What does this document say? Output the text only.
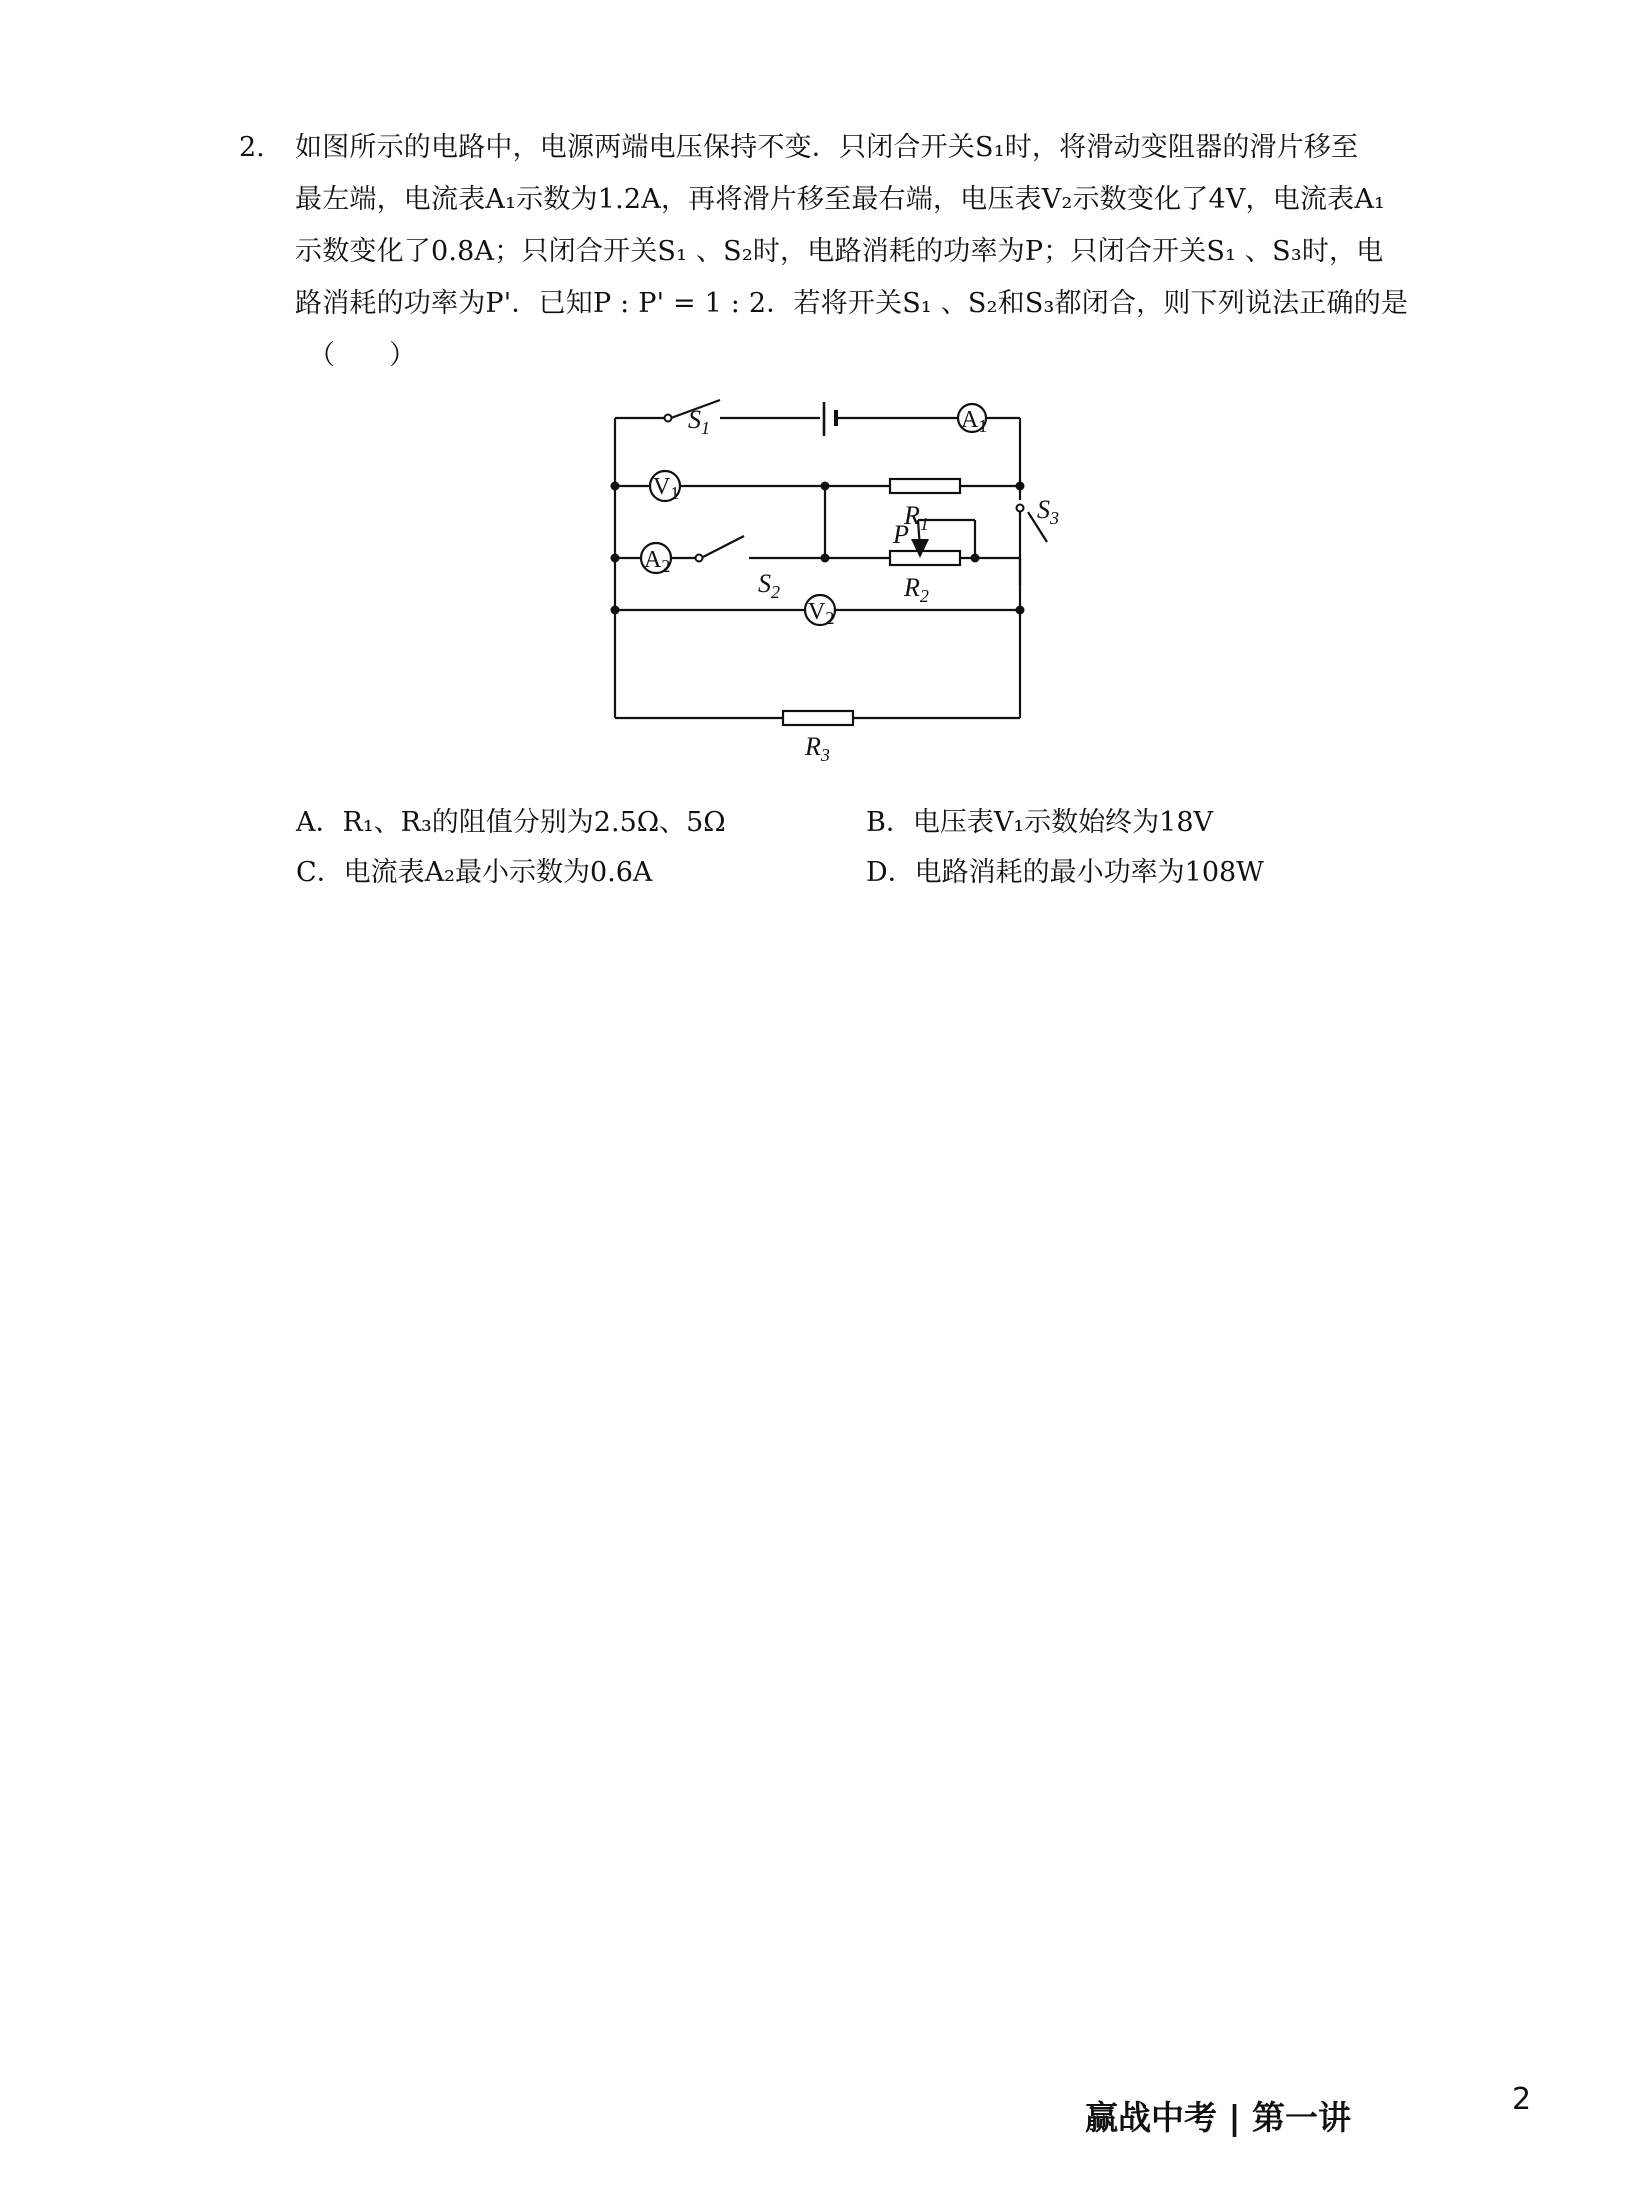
2. 如图所示的电路中，电源两端电压保持不变．只闭合开关S₁时，将滑动变阻器的滑片移至
最左端，电流表A₁示数为1.2A，再将滑片移至最右端，电压表V₂示数变化了4V，电流表A₁
示数变化了0.8A；只闭合开关S₁ 、S₂时，电路消耗的功率为P；只闭合开关S₁ 、S₃时，电
路消耗的功率为P'．已知P : P' = 1 : 2．若将开关S₁ 、S₂和S₃都闭合，则下列说法正确的是
（　　）
$S_1$	$A_1$
$V_1$
$R_1$	$S_3$
P
$A_2$
$S_2$	$R_2$
$V_2$
$R_3$
A．R₁、R₃的阻值分别为2.5Ω、5Ω	B．电压表V₁示数始终为18V
C．电流表A₂最小示数为0.6A	D．电路消耗的最小功率为108W
赢战中考 | 第一讲	2
